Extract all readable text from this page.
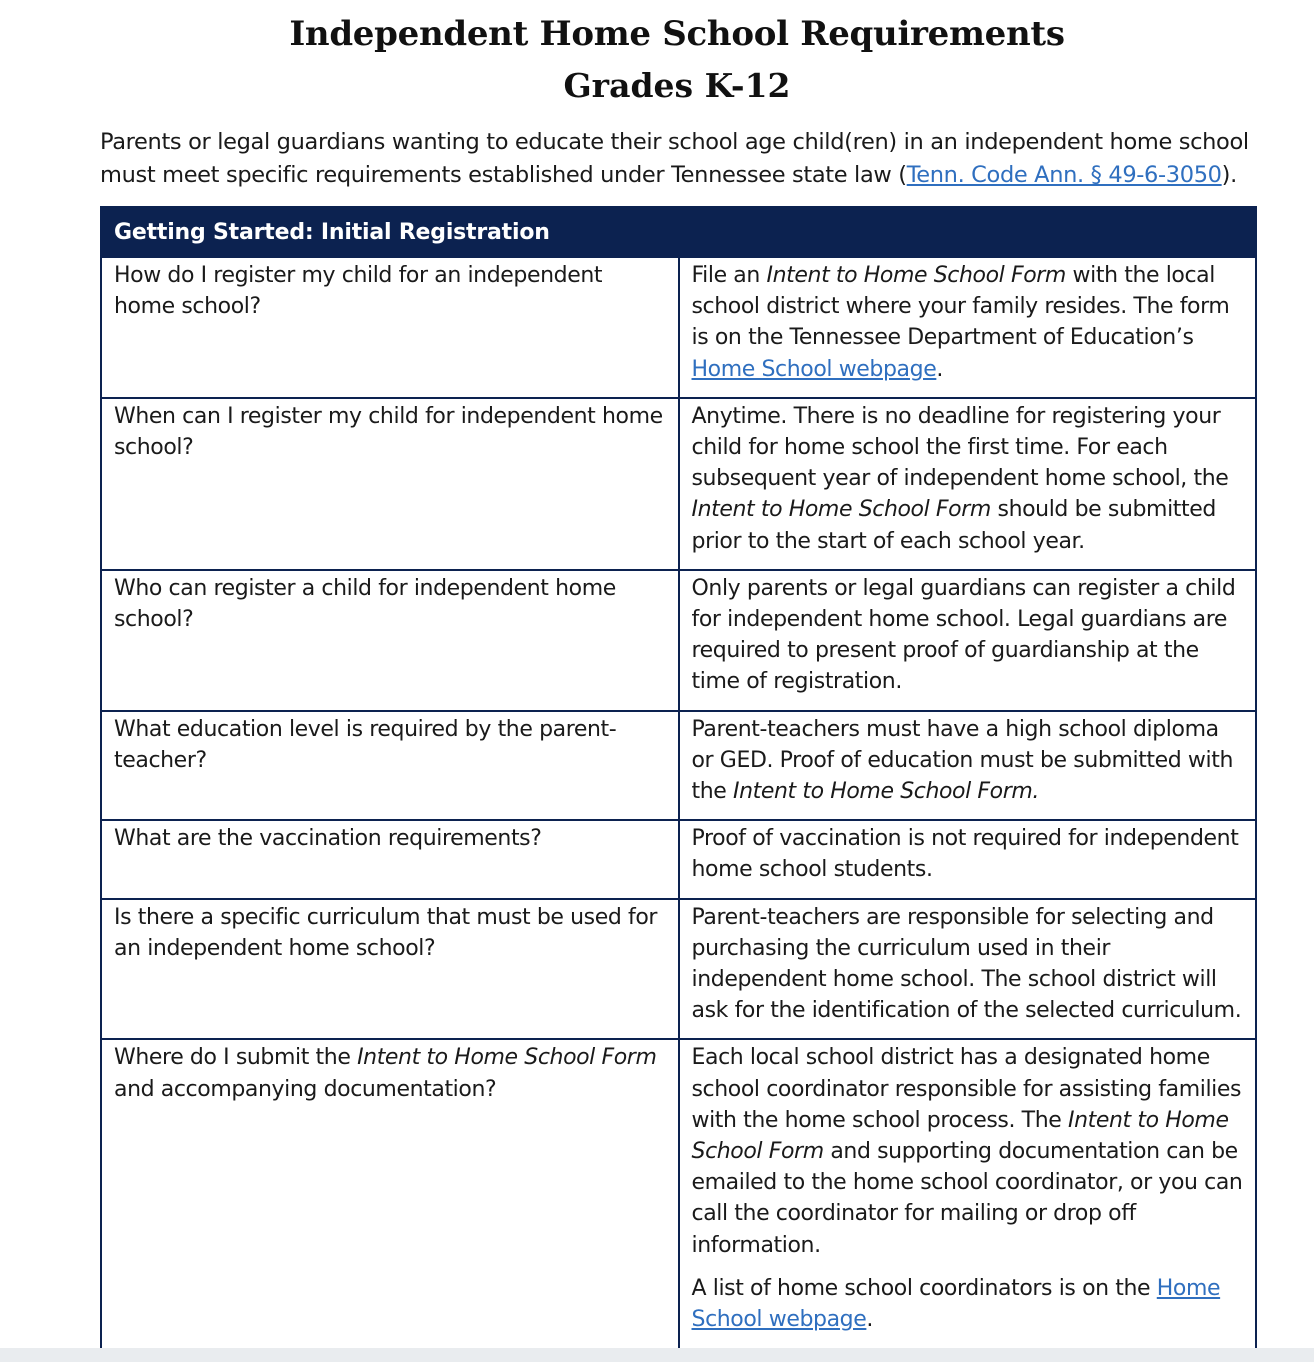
Independent Home School Requirements
Grades K-12

Parents or legal guardians wanting to educate their school age child(ren) in an independent home school must meet specific requirements established under Tennessee state law (Tenn. Code Ann. § 49-6-3050).

Getting Started: Initial Registration	
How do I register my child for an independent home school?	File an Intent to Home School Form with the local school district where your family resides. The form is on the Tennessee Department of Education’s Home School webpage.
When can I register my child for independent home school?	Anytime. There is no deadline for registering your child for home school the first time. For each subsequent year of independent home school, the Intent to Home School Form should be submitted prior to the start of each school year.
Who can register a child for independent home school?	Only parents or legal guardians can register a child for independent home school. Legal guardians are required to present proof of guardianship at the time of registration.
What education level is required by the parent-teacher?	Parent-teachers must have a high school diploma or GED. Proof of education must be submitted with the Intent to Home School Form.
What are the vaccination requirements?	Proof of vaccination is not required for independent home school students.
Is there a specific curriculum that must be used for an independent home school?	Parent-teachers are responsible for selecting and purchasing the curriculum used in their independent home school. The school district will ask for the identification of the selected curriculum.
Where do I submit the Intent to Home School Form and accompanying documentation?	Each local school district has a designated home school coordinator responsible for assisting families with the home school process. The Intent to Home School Form and supporting documentation can be emailed to the home school coordinator, or you can call the coordinator for mailing or drop off information.
A list of home school coordinators is on the Home School webpage.
